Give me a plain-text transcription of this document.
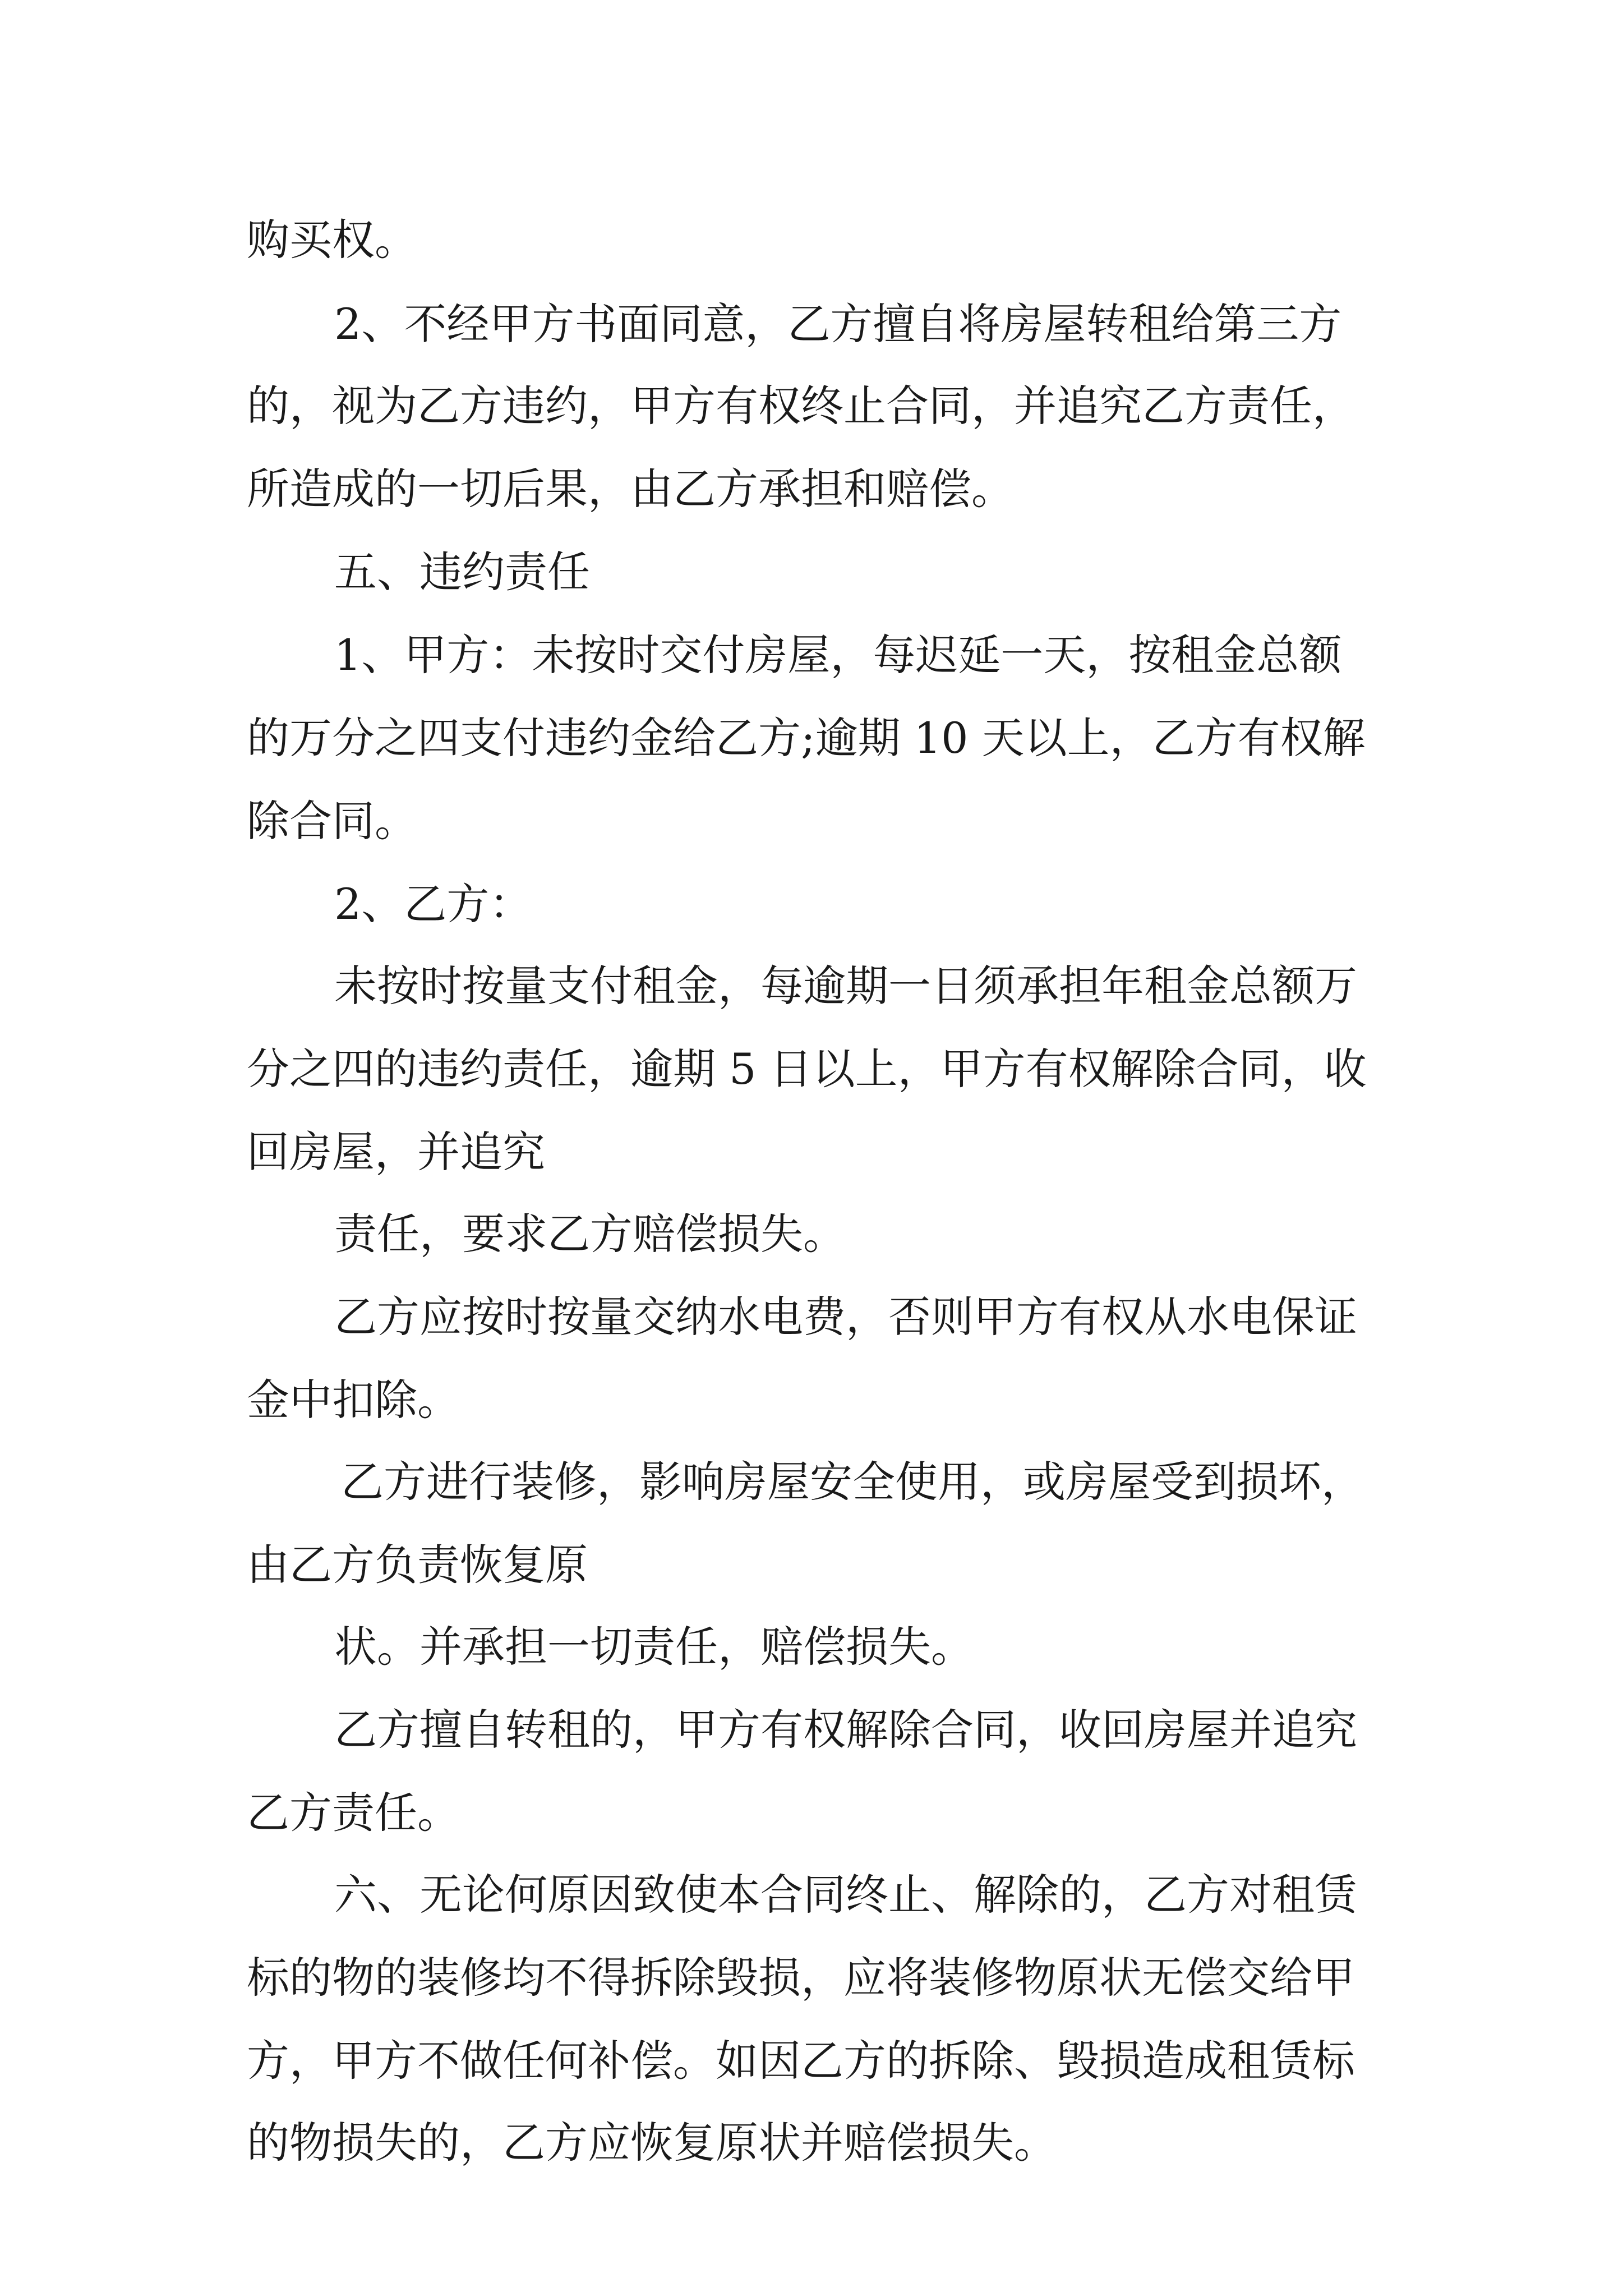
购买权。

2、不经甲方书面同意，乙方擅自将房屋转租给第三方

的，视为乙方违约，甲方有权终止合同，并追究乙方责任，

所造成的一切后果，由乙方承担和赔偿。

五、违约责任

1、甲方：未按时交付房屋，每迟延一天，按租金总额

的万分之四支付违约金给乙方;逾期 10 天以上，乙方有权解

除合同。

2、乙方：

未按时按量支付租金，每逾期一日须承担年租金总额万

分之四的违约责任，逾期 5 日以上，甲方有权解除合同，收

回房屋，并追究

责任，要求乙方赔偿损失。

乙方应按时按量交纳水电费，否则甲方有权从水电保证

金中扣除。

乙方进行装修，影响房屋安全使用，或房屋受到损坏，

由乙方负责恢复原

状。并承担一切责任，赔偿损失。

乙方擅自转租的，甲方有权解除合同，收回房屋并追究

乙方责任。

六、无论何原因致使本合同终止、解除的，乙方对租赁

标的物的装修均不得拆除毁损，应将装修物原状无偿交给甲

方，甲方不做任何补偿。如因乙方的拆除、毁损造成租赁标

的物损失的，乙方应恢复原状并赔偿损失。
